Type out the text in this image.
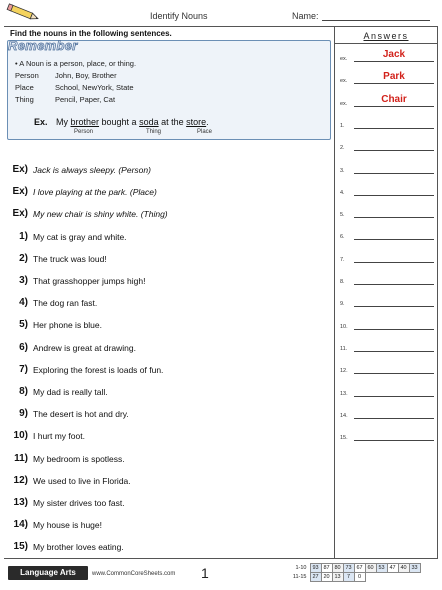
Identify Nouns	Name:
Find the nouns in the following sentences.
Remember
• A Noun is a person, place, or thing.
Person	John, Boy, Brother
Place	School, NewYork, State
Thing	Pencil, Paper, Cat
Ex. My brother bought a soda at the store.
Person	Thing	Place
Ex) Jack is always sleepy. (Person)
Ex) I love playing at the park. (Place)
Ex) My new chair is shiny white. (Thing)
1) My cat is gray and white.
2) The truck was loud!
3) That grasshopper jumps high!
4) The dog ran fast.
5) Her phone is blue.
6) Andrew is great at drawing.
7) Exploring the forest is loads of fun.
8) My dad is really tall.
9) The desert is hot and dry.
10) I hurt my foot.
11) My bedroom is spotless.
12) We used to live in Florida.
13) My sister drives too fast.
14) My house is huge!
15) My brother loves eating.
Answers
ex.	Jack
ex.	Park
ex.	Chair
1.
2.
3.
4.
5.
6.
7.
8.
9.
10.
11.
12.
13.
14.
15.
Language Arts	www.CommonCoreSheets.com 1	1-10	93	87	80	73	67	60	53	47	40	33
11-15	27	20	13	7	0					
